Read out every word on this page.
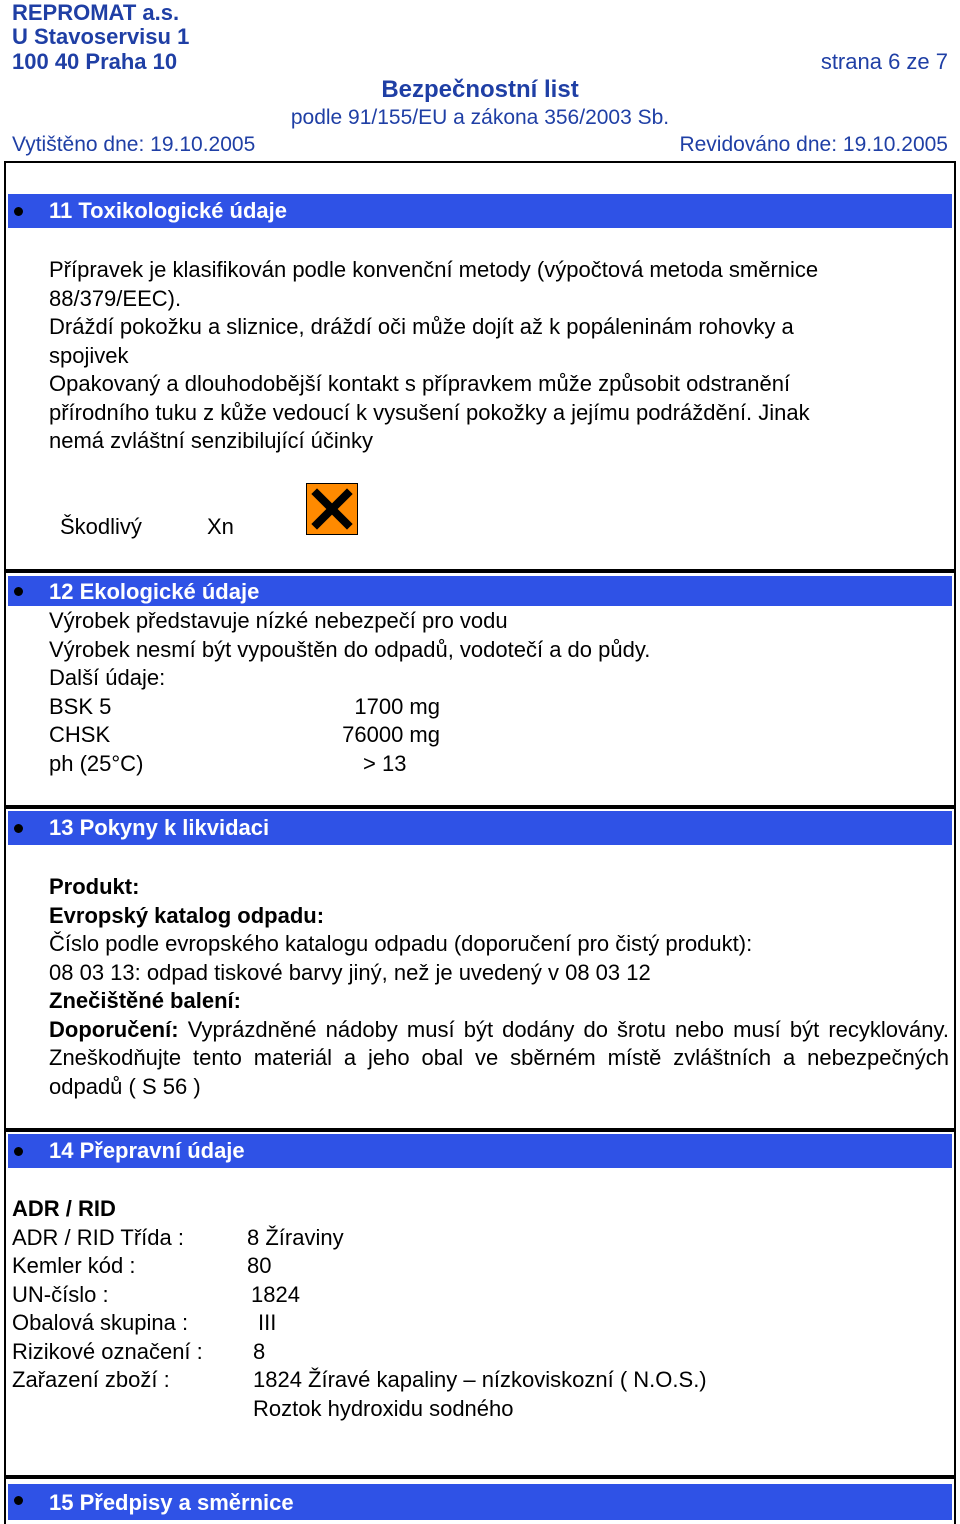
REPROMAT a.s.
U Stavoservisu 1
100 40 Praha 10	strana 6 ze 7
Bezpečnostní list
podle 91/155/EU a zákona 356/2003 Sb.
Vytištěno dne: 19.10.2005	Revidováno dne: 19.10.2005
11 Toxikologické údaje
Přípravek je klasifikován podle konvenční metody (výpočtová metoda směrnice
88/379/EEC).
Dráždí pokožku a sliznice, dráždí oči může dojít až k popáleninám rohovky a
spojivek
Opakovaný a dlouhodobější kontakt s přípravkem může způsobit odstranění
přírodního tuku z kůže vedoucí k vysušení pokožky a jejímu podráždění. Jinak
nemá zvláštní senzibilující účinky
Škodlivý	Xn
12 Ekologické údaje
Výrobek představuje nízké nebezpečí pro vodu
Výrobek nesmí být vypouštěn do odpadů, vodotečí a do půdy.
Další údaje:
BSK 5	1700 mg
CHSK	76000 mg
ph (25°C)	> 13
13 Pokyny k likvidaci
Produkt:
Evropský katalog odpadu:
Číslo podle evropského katalogu odpadu (doporučení pro čistý produkt):
08 03 13: odpad tiskové barvy jiný, než je uvedený v 08 03 12
Znečištěné balení:
Doporučení: Vyprázdněné nádoby musí být dodány do šrotu nebo musí být recyklovány. Zneškodňujte tento materiál a jeho obal ve sběrném místě zvláštních a nebezpečných odpadů ( S 56 )
14 Přepravní údaje
ADR / RID
ADR / RID Třída :	8 Žíraviny
Kemler kód :	80
UN-číslo :	1824
Obalová skupina :	III
Rizikové označení : 8
Zařazení zboží :	1824 Žíravé kapaliny – nízkoviskozní ( N.O.S.)
Roztok hydroxidu sodného
15 Předpisy a směrnice
